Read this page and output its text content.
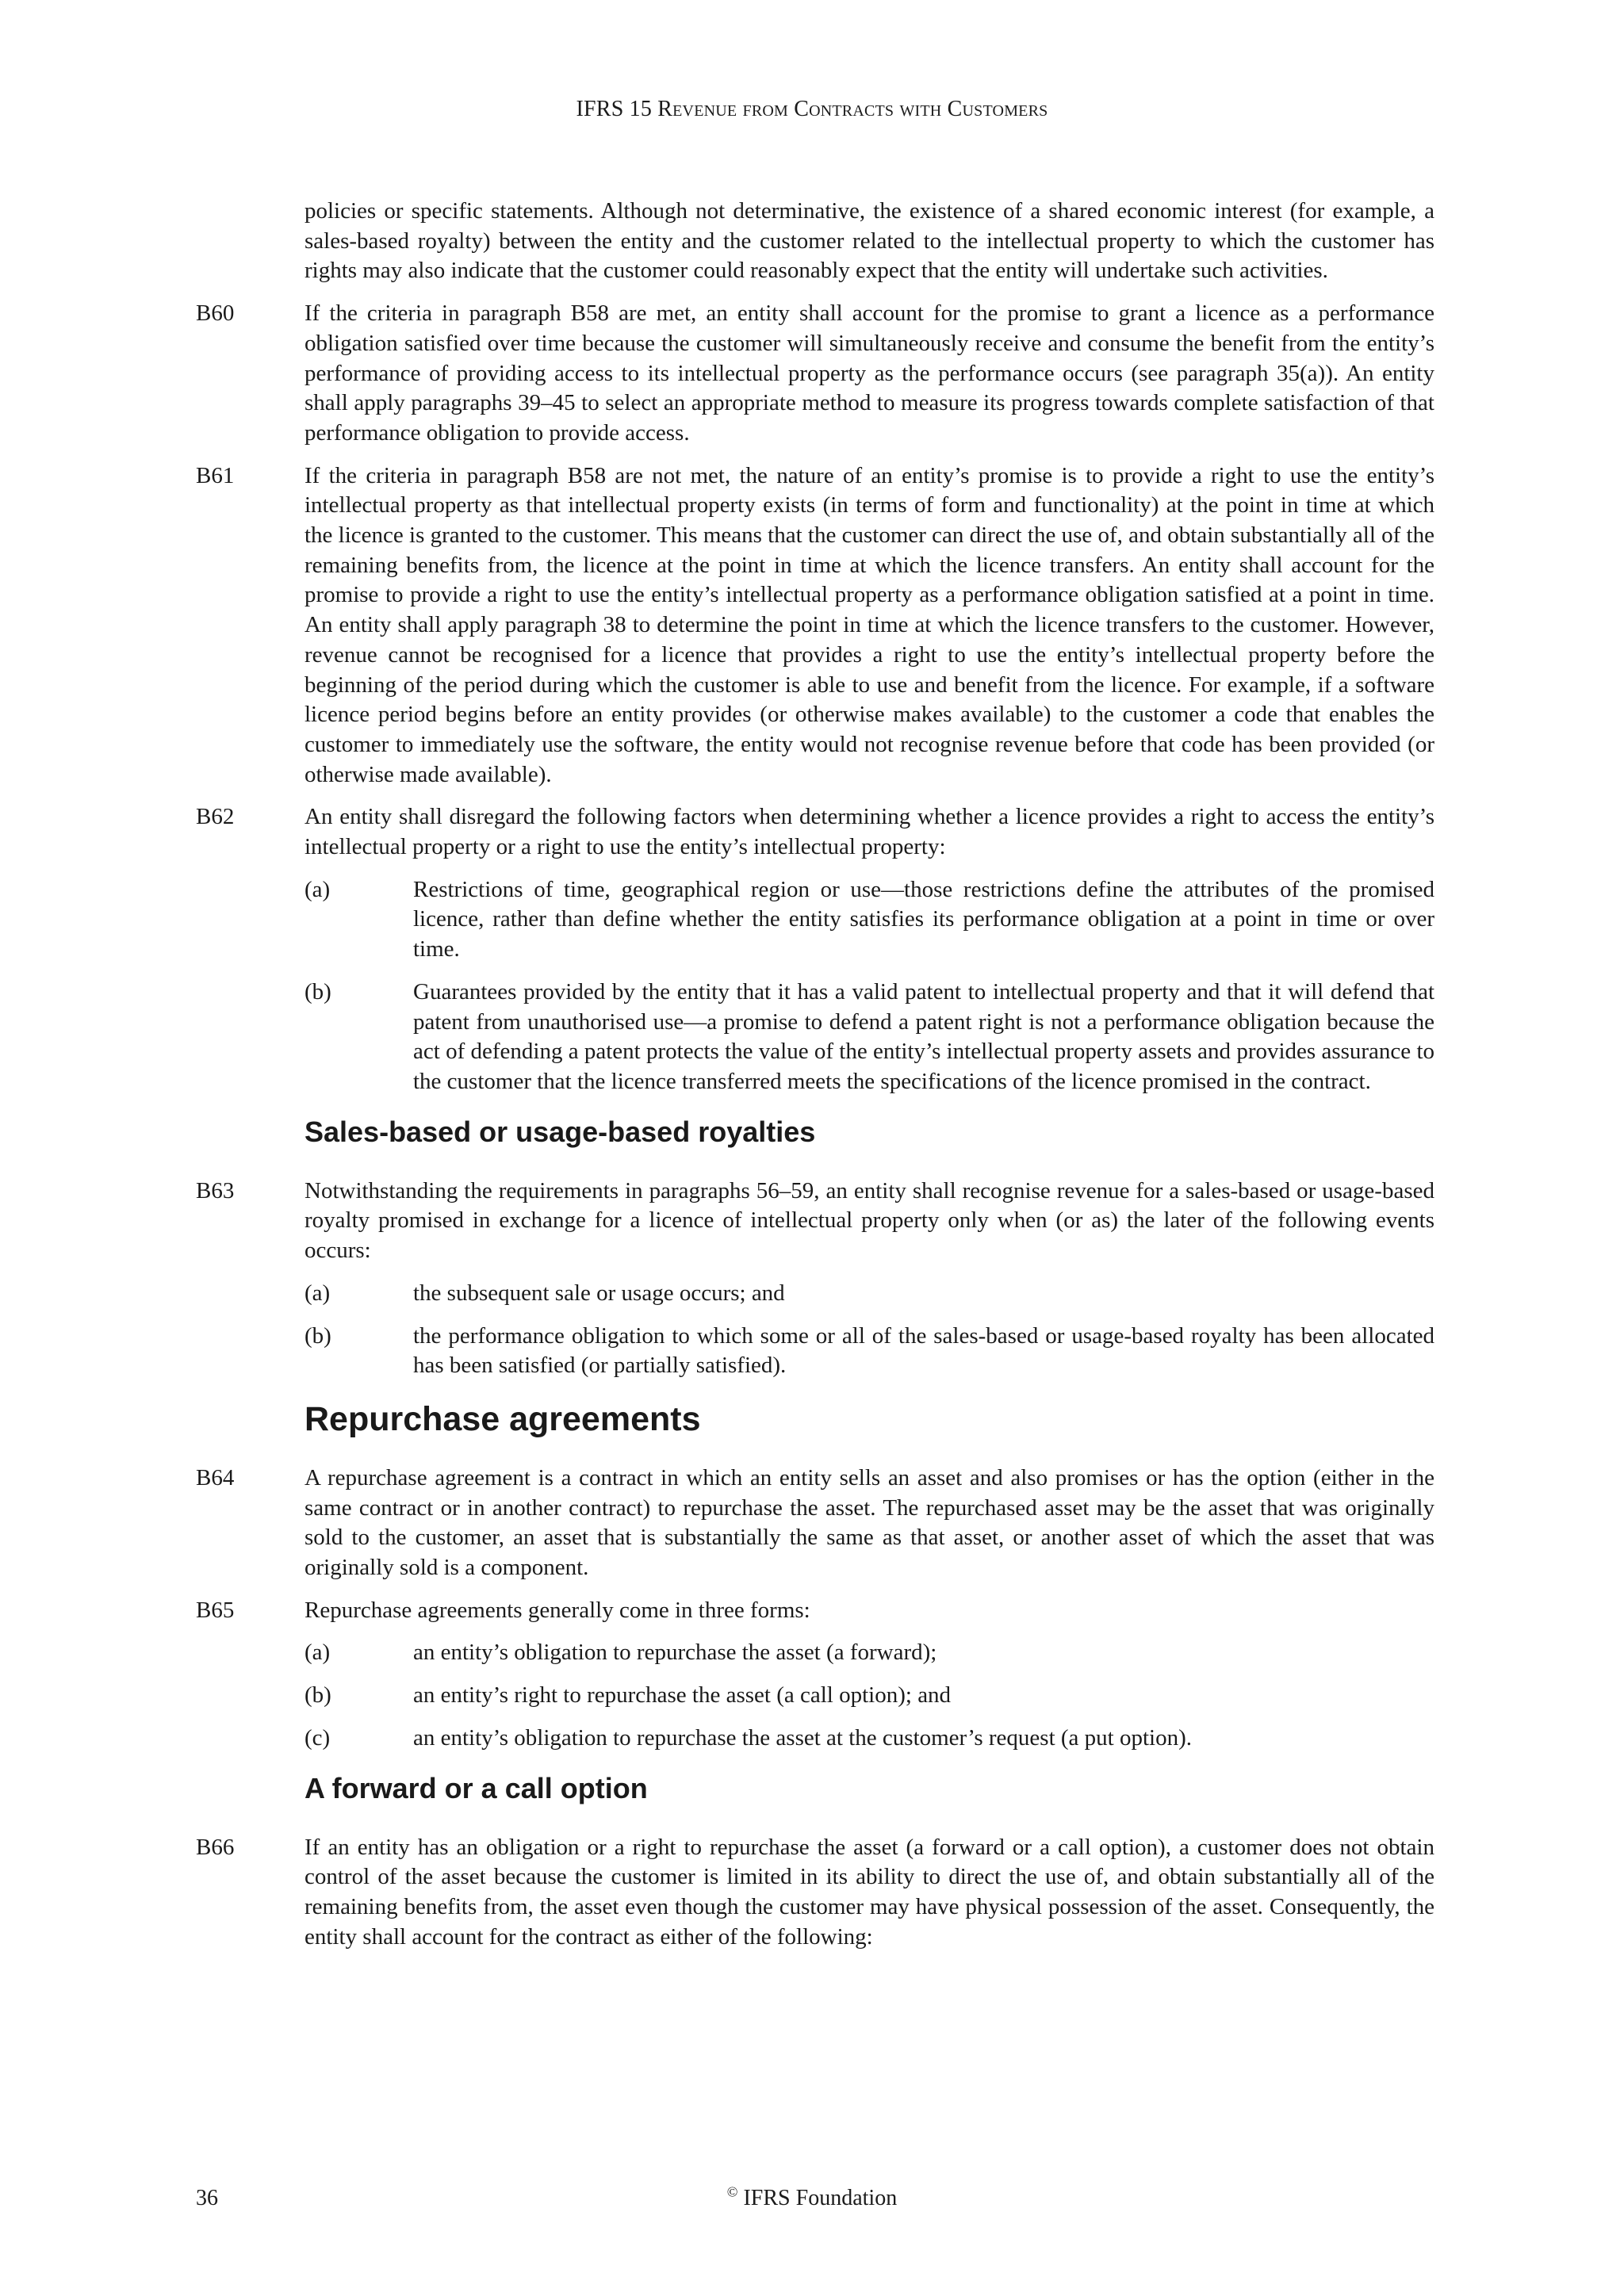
IFRS 15 Revenue from Contracts with Customers
policies or specific statements. Although not determinative, the existence of a shared economic interest (for example, a sales-based royalty) between the entity and the customer related to the intellectual property to which the customer has rights may also indicate that the customer could reasonably expect that the entity will undertake such activities.
B60	If the criteria in paragraph B58 are met, an entity shall account for the promise to grant a licence as a performance obligation satisfied over time because the customer will simultaneously receive and consume the benefit from the entity’s performance of providing access to its intellectual property as the performance occurs (see paragraph 35(a)). An entity shall apply paragraphs 39–45 to select an appropriate method to measure its progress towards complete satisfaction of that performance obligation to provide access.
B61	If the criteria in paragraph B58 are not met, the nature of an entity’s promise is to provide a right to use the entity’s intellectual property as that intellectual property exists (in terms of form and functionality) at the point in time at which the licence is granted to the customer. This means that the customer can direct the use of, and obtain substantially all of the remaining benefits from, the licence at the point in time at which the licence transfers. An entity shall account for the promise to provide a right to use the entity’s intellectual property as a performance obligation satisfied at a point in time. An entity shall apply paragraph 38 to determine the point in time at which the licence transfers to the customer. However, revenue cannot be recognised for a licence that provides a right to use the entity’s intellectual property before the beginning of the period during which the customer is able to use and benefit from the licence. For example, if a software licence period begins before an entity provides (or otherwise makes available) to the customer a code that enables the customer to immediately use the software, the entity would not recognise revenue before that code has been provided (or otherwise made available).
B62	An entity shall disregard the following factors when determining whether a licence provides a right to access the entity’s intellectual property or a right to use the entity’s intellectual property:
(a)	Restrictions of time, geographical region or use—those restrictions define the attributes of the promised licence, rather than define whether the entity satisfies its performance obligation at a point in time or over time.
(b)	Guarantees provided by the entity that it has a valid patent to intellectual property and that it will defend that patent from unauthorised use—a promise to defend a patent right is not a performance obligation because the act of defending a patent protects the value of the entity’s intellectual property assets and provides assurance to the customer that the licence transferred meets the specifications of the licence promised in the contract.
Sales-based or usage-based royalties
B63	Notwithstanding the requirements in paragraphs 56–59, an entity shall recognise revenue for a sales-based or usage-based royalty promised in exchange for a licence of intellectual property only when (or as) the later of the following events occurs:
(a)	the subsequent sale or usage occurs; and
(b)	the performance obligation to which some or all of the sales-based or usage-based royalty has been allocated has been satisfied (or partially satisfied).
Repurchase agreements
B64	A repurchase agreement is a contract in which an entity sells an asset and also promises or has the option (either in the same contract or in another contract) to repurchase the asset. The repurchased asset may be the asset that was originally sold to the customer, an asset that is substantially the same as that asset, or another asset of which the asset that was originally sold is a component.
B65	Repurchase agreements generally come in three forms:
(a)	an entity’s obligation to repurchase the asset (a forward);
(b)	an entity’s right to repurchase the asset (a call option); and
(c)	an entity’s obligation to repurchase the asset at the customer’s request (a put option).
A forward or a call option
B66	If an entity has an obligation or a right to repurchase the asset (a forward or a call option), a customer does not obtain control of the asset because the customer is limited in its ability to direct the use of, and obtain substantially all of the remaining benefits from, the asset even though the customer may have physical possession of the asset. Consequently, the entity shall account for the contract as either of the following:
36	© IFRS Foundation
